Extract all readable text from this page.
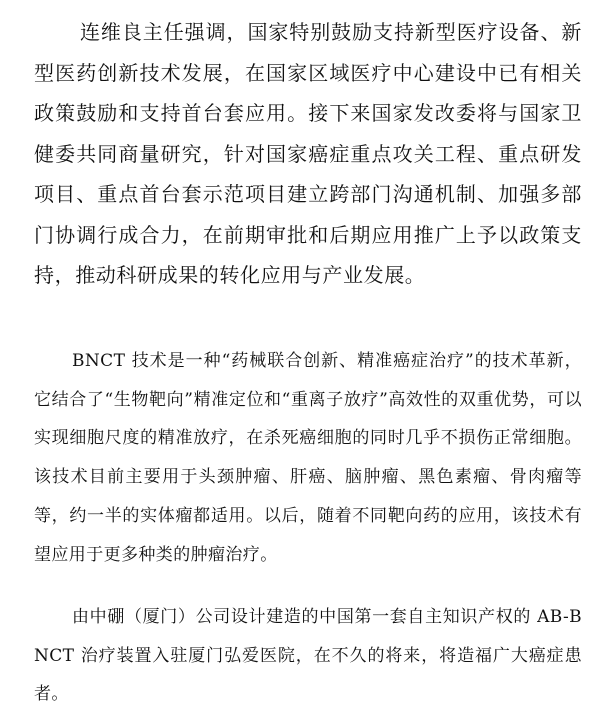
连维良主任强调，国家特别鼓励支持新型医疗设备、新型医药创新技术发展，在国家区域医疗中心建设中已有相关政策鼓励和支持首台套应用。接下来国家发改委将与国家卫健委共同商量研究，针对国家癌症重点攻关工程、重点研发项目、重点首台套示范项目建立跨部门沟通机制、加强多部门协调行成合力，在前期审批和后期应用推广上予以政策支持，推动科研成果的转化应用与产业发展。

BNCT 技术是一种“药械联合创新、精准癌症治疗”的技术革新，它结合了“生物靶向”精准定位和“重离子放疗”高效性的双重优势，可以实现细胞尺度的精准放疗，在杀死癌细胞的同时几乎不损伤正常细胞。该技术目前主要用于头颈肿瘤、肝癌、脑肿瘤、黑色素瘤、骨肉瘤等等，约一半的实体瘤都适用。以后，随着不同靶向药的应用，该技术有望应用于更多种类的肿瘤治疗。

由中硼（厦门）公司设计建造的中国第一套自主知识产权的 AB-BNCT 治疗装置入驻厦门弘爱医院，在不久的将来，将造福广大癌症患者。
